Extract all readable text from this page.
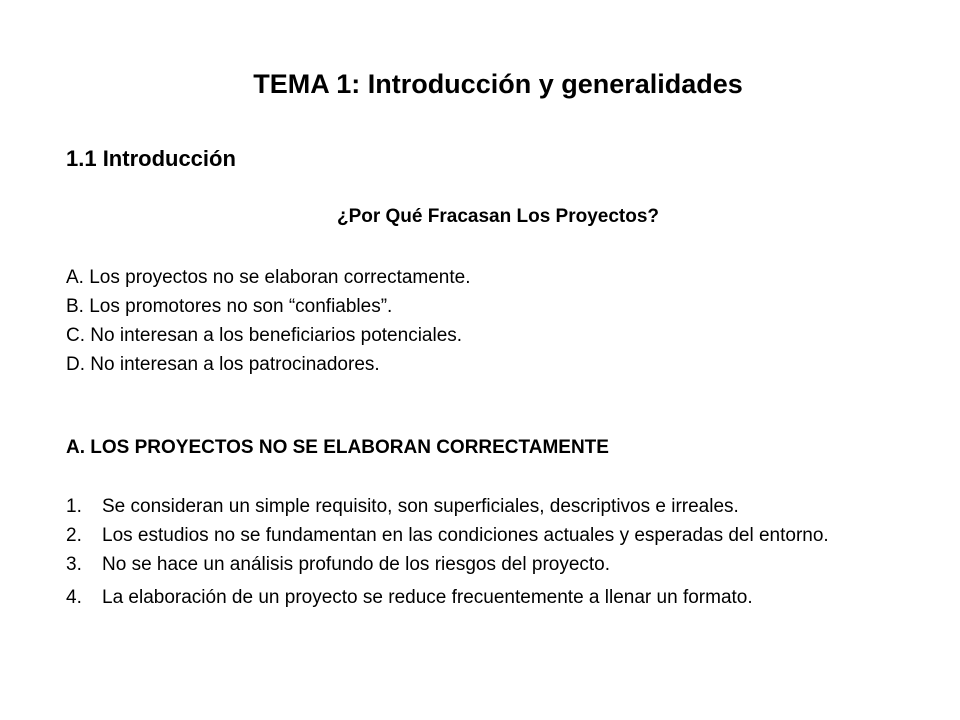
TEMA 1: Introducción y generalidades
1.1 Introducción
¿Por Qué Fracasan Los Proyectos?
A. Los proyectos no se elaboran correctamente.
B. Los promotores no son “confiables”.
C. No interesan a los beneficiarios potenciales.
D. No interesan a los patrocinadores.
A. LOS PROYECTOS NO SE ELABORAN CORRECTAMENTE
1. Se consideran un simple requisito, son superficiales, descriptivos e irreales.
2. Los estudios no se fundamentan en las condiciones actuales y esperadas del entorno.
3. No se hace un análisis profundo de los riesgos del proyecto.
4. La elaboración de un proyecto se reduce frecuentemente a llenar un formato.
